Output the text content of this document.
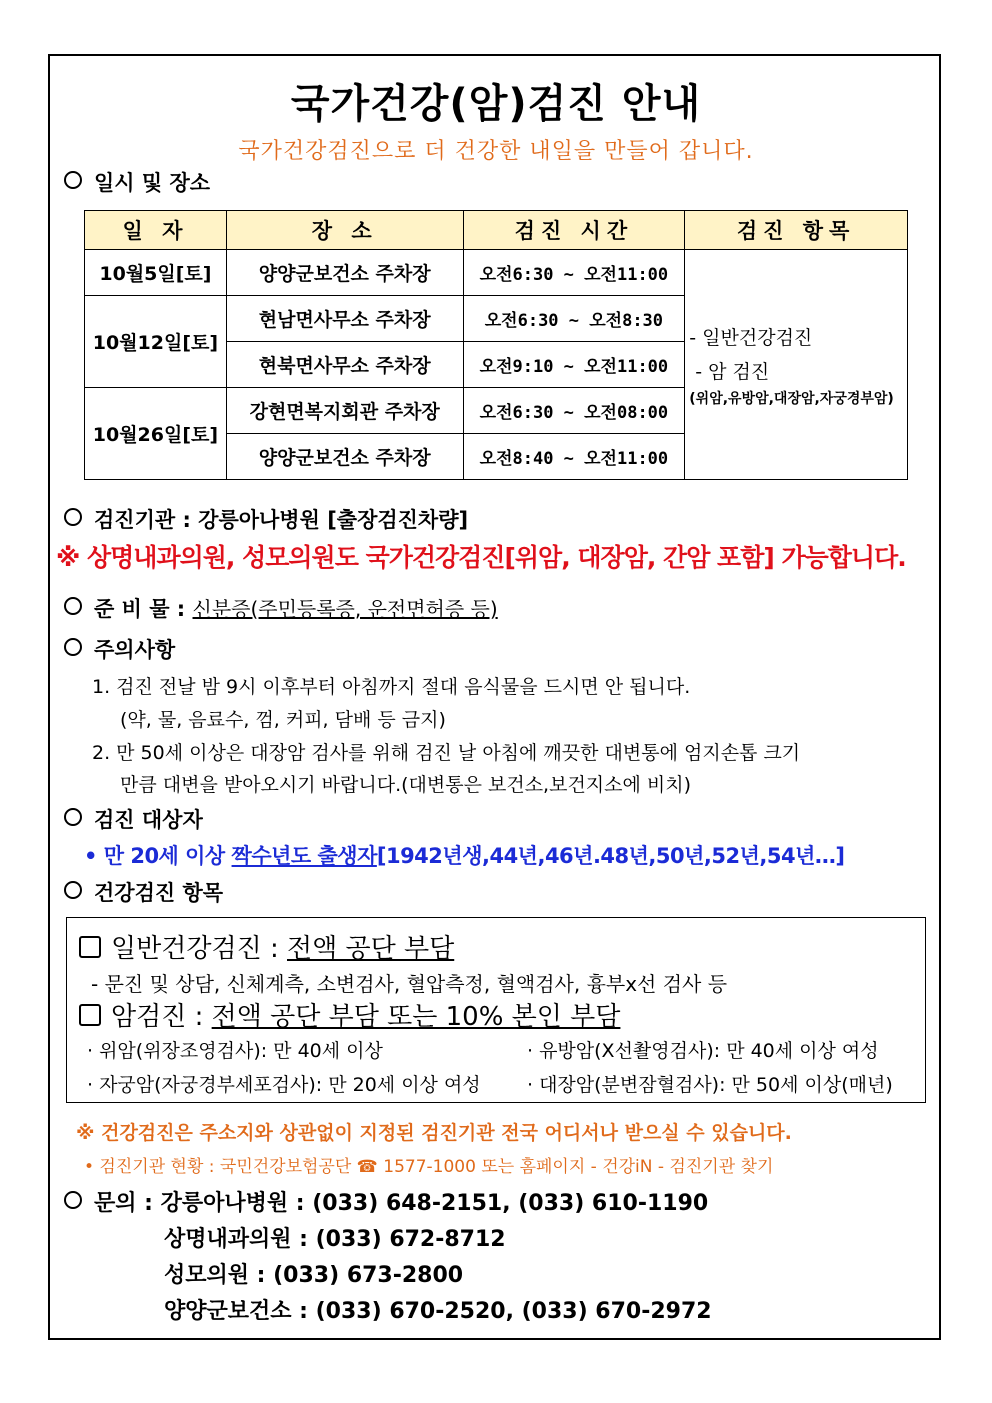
국가건강(암)검진 안내
국가건강검진으로 더 건강한 내일을 만들어 갑니다.
일시 및 장소
일 자	장 소	검진 시간	검진 항목
10월5일[토]	양양군보건소 주차장	오전6:30 ~ 오전11:00	- 일반건강검진
- 암 검진
(위암,유방암,대장암,자궁경부암)

10월12일[토]	현남면사무소 주차장	오전6:30 ~ 오전8:30	
	현북면사무소 주차장	오전9:10 ~ 오전11:00	
10월26일[토]	강현면복지회관 주차장	오전6:30 ~ 오전08:00	
	양양군보건소 주차장	오전8:40 ~ 오전11:00	
검진기관 : 강릉아나병원 [출장검진차량]
※ 상명내과의원, 성모의원도 국가건강검진[위암, 대장암, 간암 포함] 가능합니다.
준 비 물 : 신분증(주민등록증, 운전면허증 등)
주의사항
1. 검진 전날 밤 9시 이후부터 아침까지 절대 음식물을 드시면 안 됩니다.
(약, 물, 음료수, 껌, 커피, 담배 등 금지)
2. 만 50세 이상은 대장암 검사를 위해 검진 날 아침에 깨끗한 대변통에 엄지손톱 크기
만큼 대변을 받아오시기 바랍니다.(대변통은 보건소,보건지소에 비치)
검진 대상자
• 만 20세 이상 짝수년도 출생자[1942년생,44년,46년.48년,50년,52년,54년…]
건강검진 항목
일반건강검진 : 전액 공단 부담
- 문진 및 상담, 신체계측, 소변검사, 혈압측정, 혈액검사, 흉부x선 검사 등
암검진 : 전액 공단 부담 또는 10% 본인 부담
· 위암(위장조영검사): 만 40세 이상	· 유방암(X선촬영검사): 만 40세 이상 여성
· 자궁암(자궁경부세포검사): 만 20세 이상 여성 · 대장암(분변잠혈검사): 만 50세 이상(매년)
※ 건강검진은 주소지와 상관없이 지정된 검진기관 전국 어디서나 받으실 수 있습니다.
• 검진기관 현황 : 국민건강보험공단 ☎ 1577-1000 또는 홈페이지 - 건강iN - 검진기관 찾기
문의 : 강릉아나병원 : (033) 648-2151, (033) 610-1190
상명내과의원 : (033) 672-8712
성모의원 : (033) 673-2800
양양군보건소 : (033) 670-2520, (033) 670-2972
